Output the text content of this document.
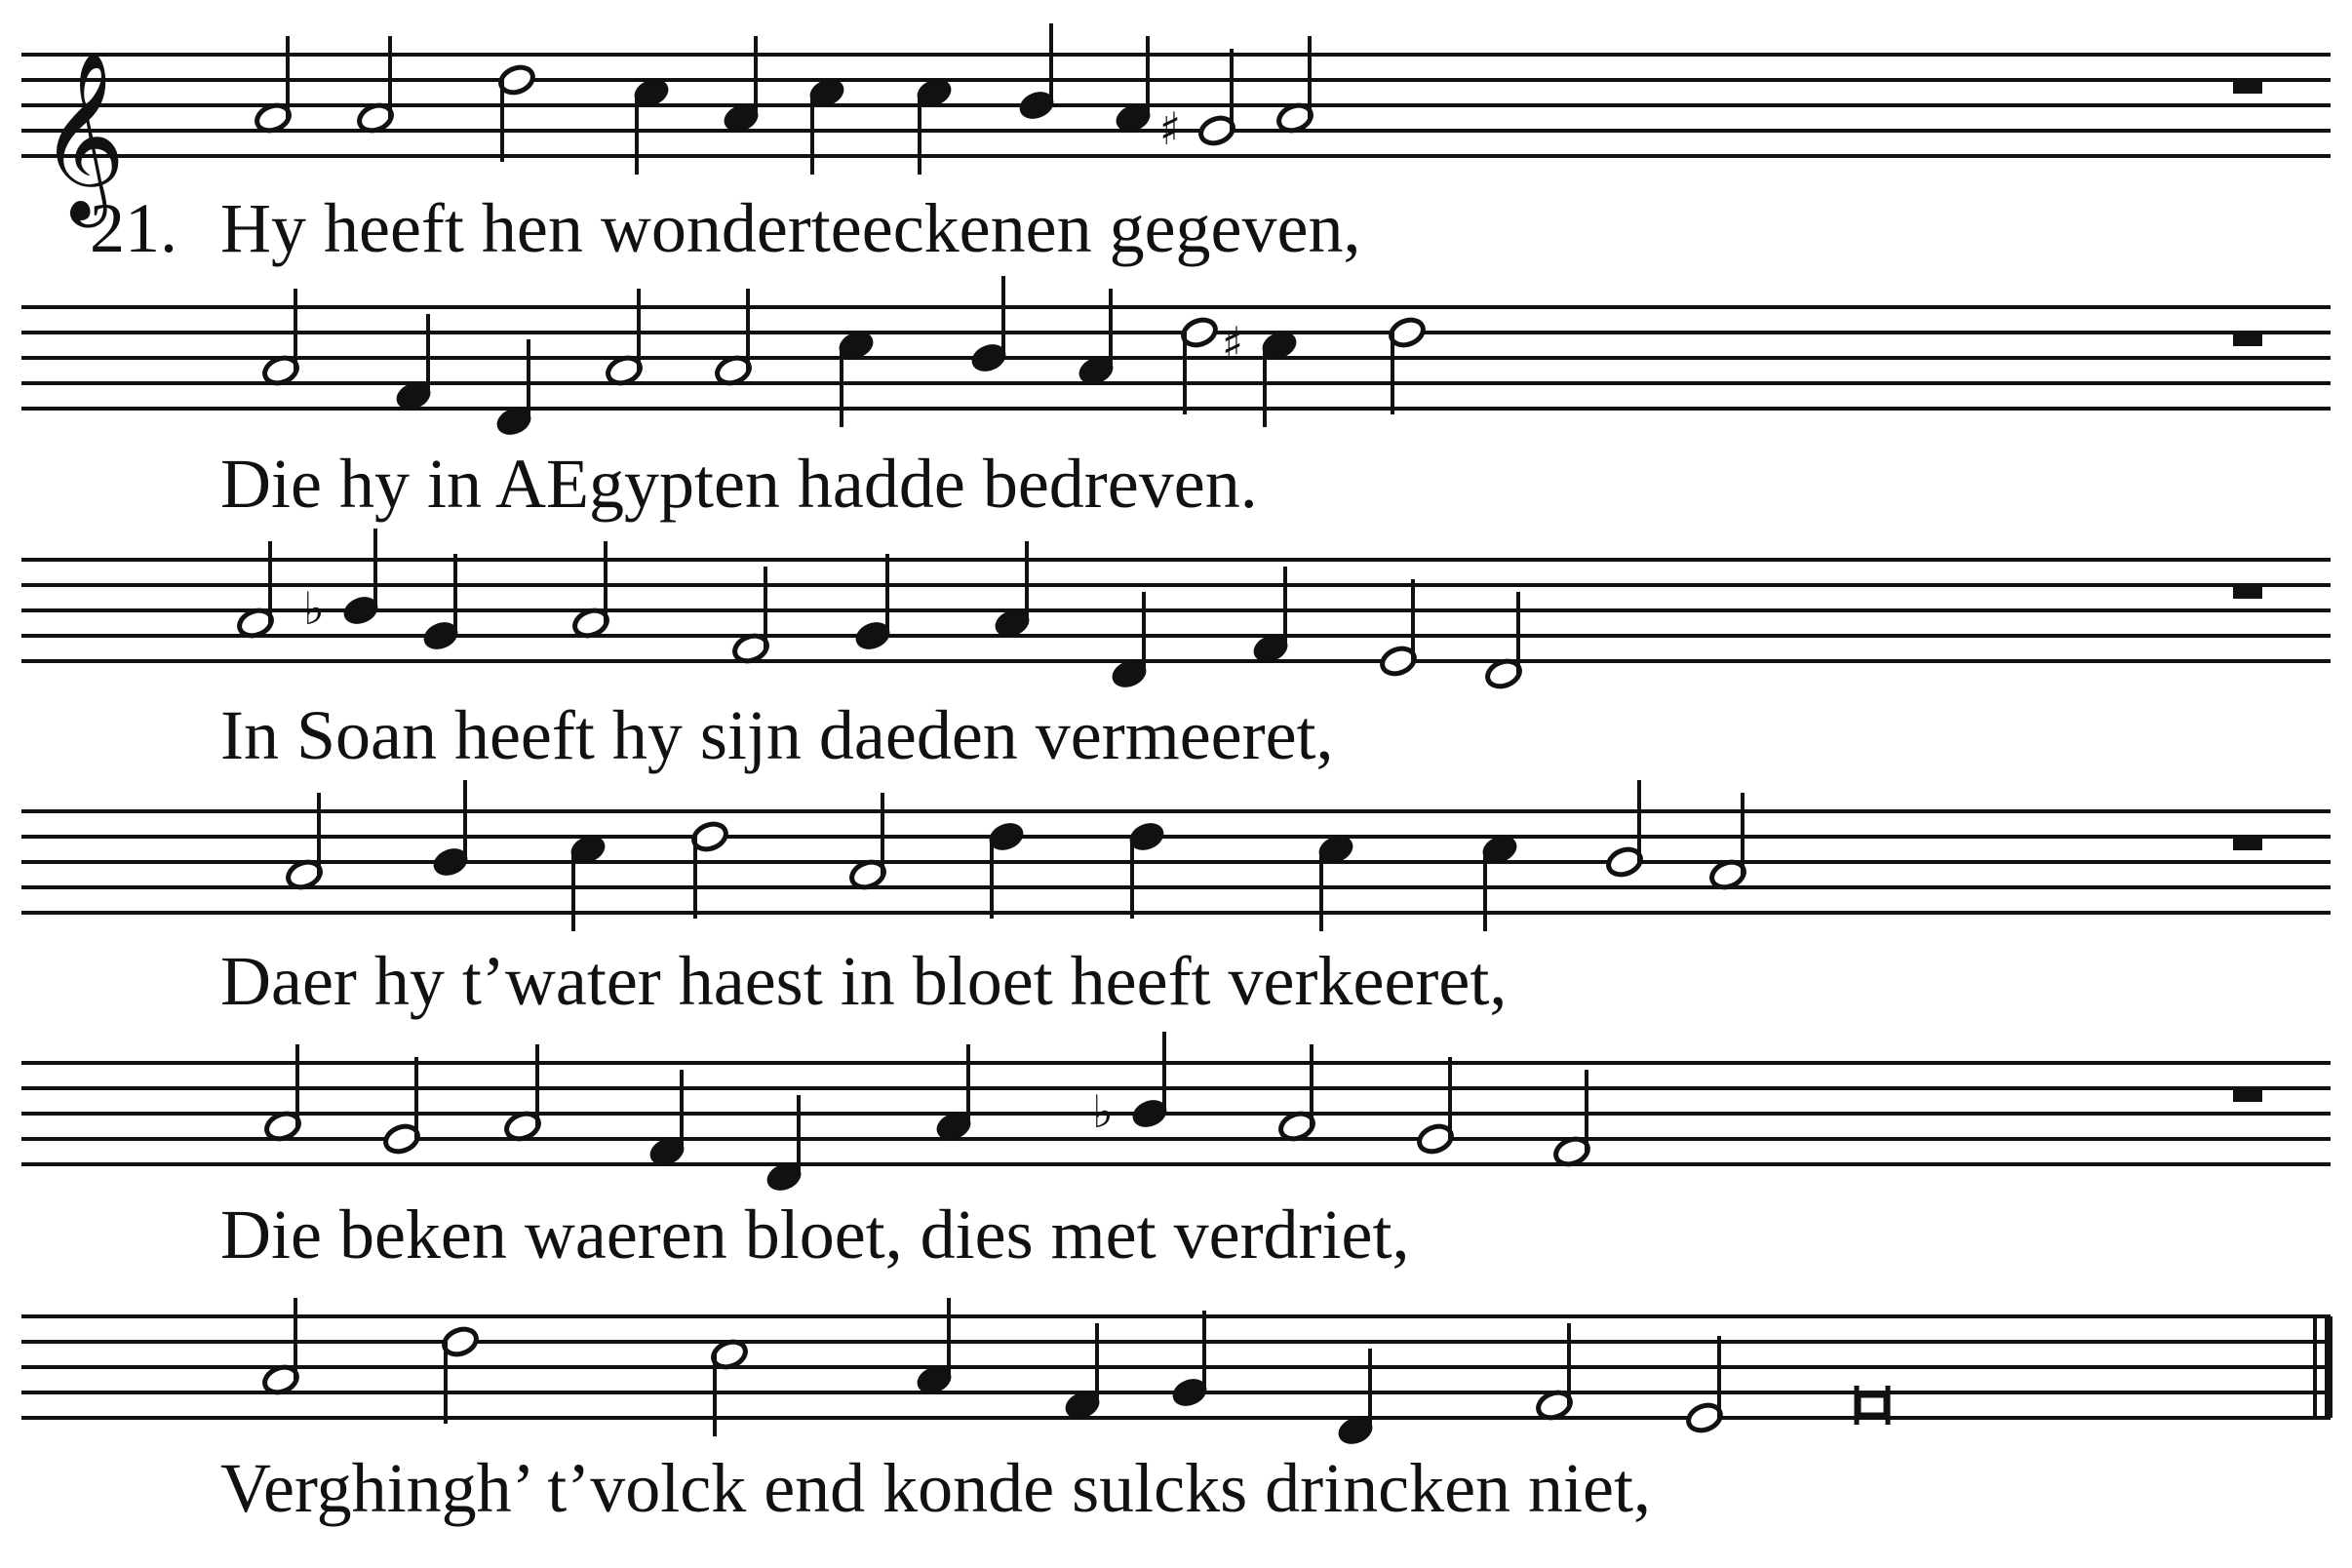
21.
𝄞	♯
Hy heeft hen wonderteeckenen gegeven,
♯
Die hy in AEgypten hadde bedreven.
♭
In Soan heeft hy sijn daeden vermeeret,
Daer hy t’water haest in bloet heeft verkeeret,
♭
Die beken waeren bloet, dies met verdriet,
Verghingh’ t’volck end konde sulcks drincken niet,
